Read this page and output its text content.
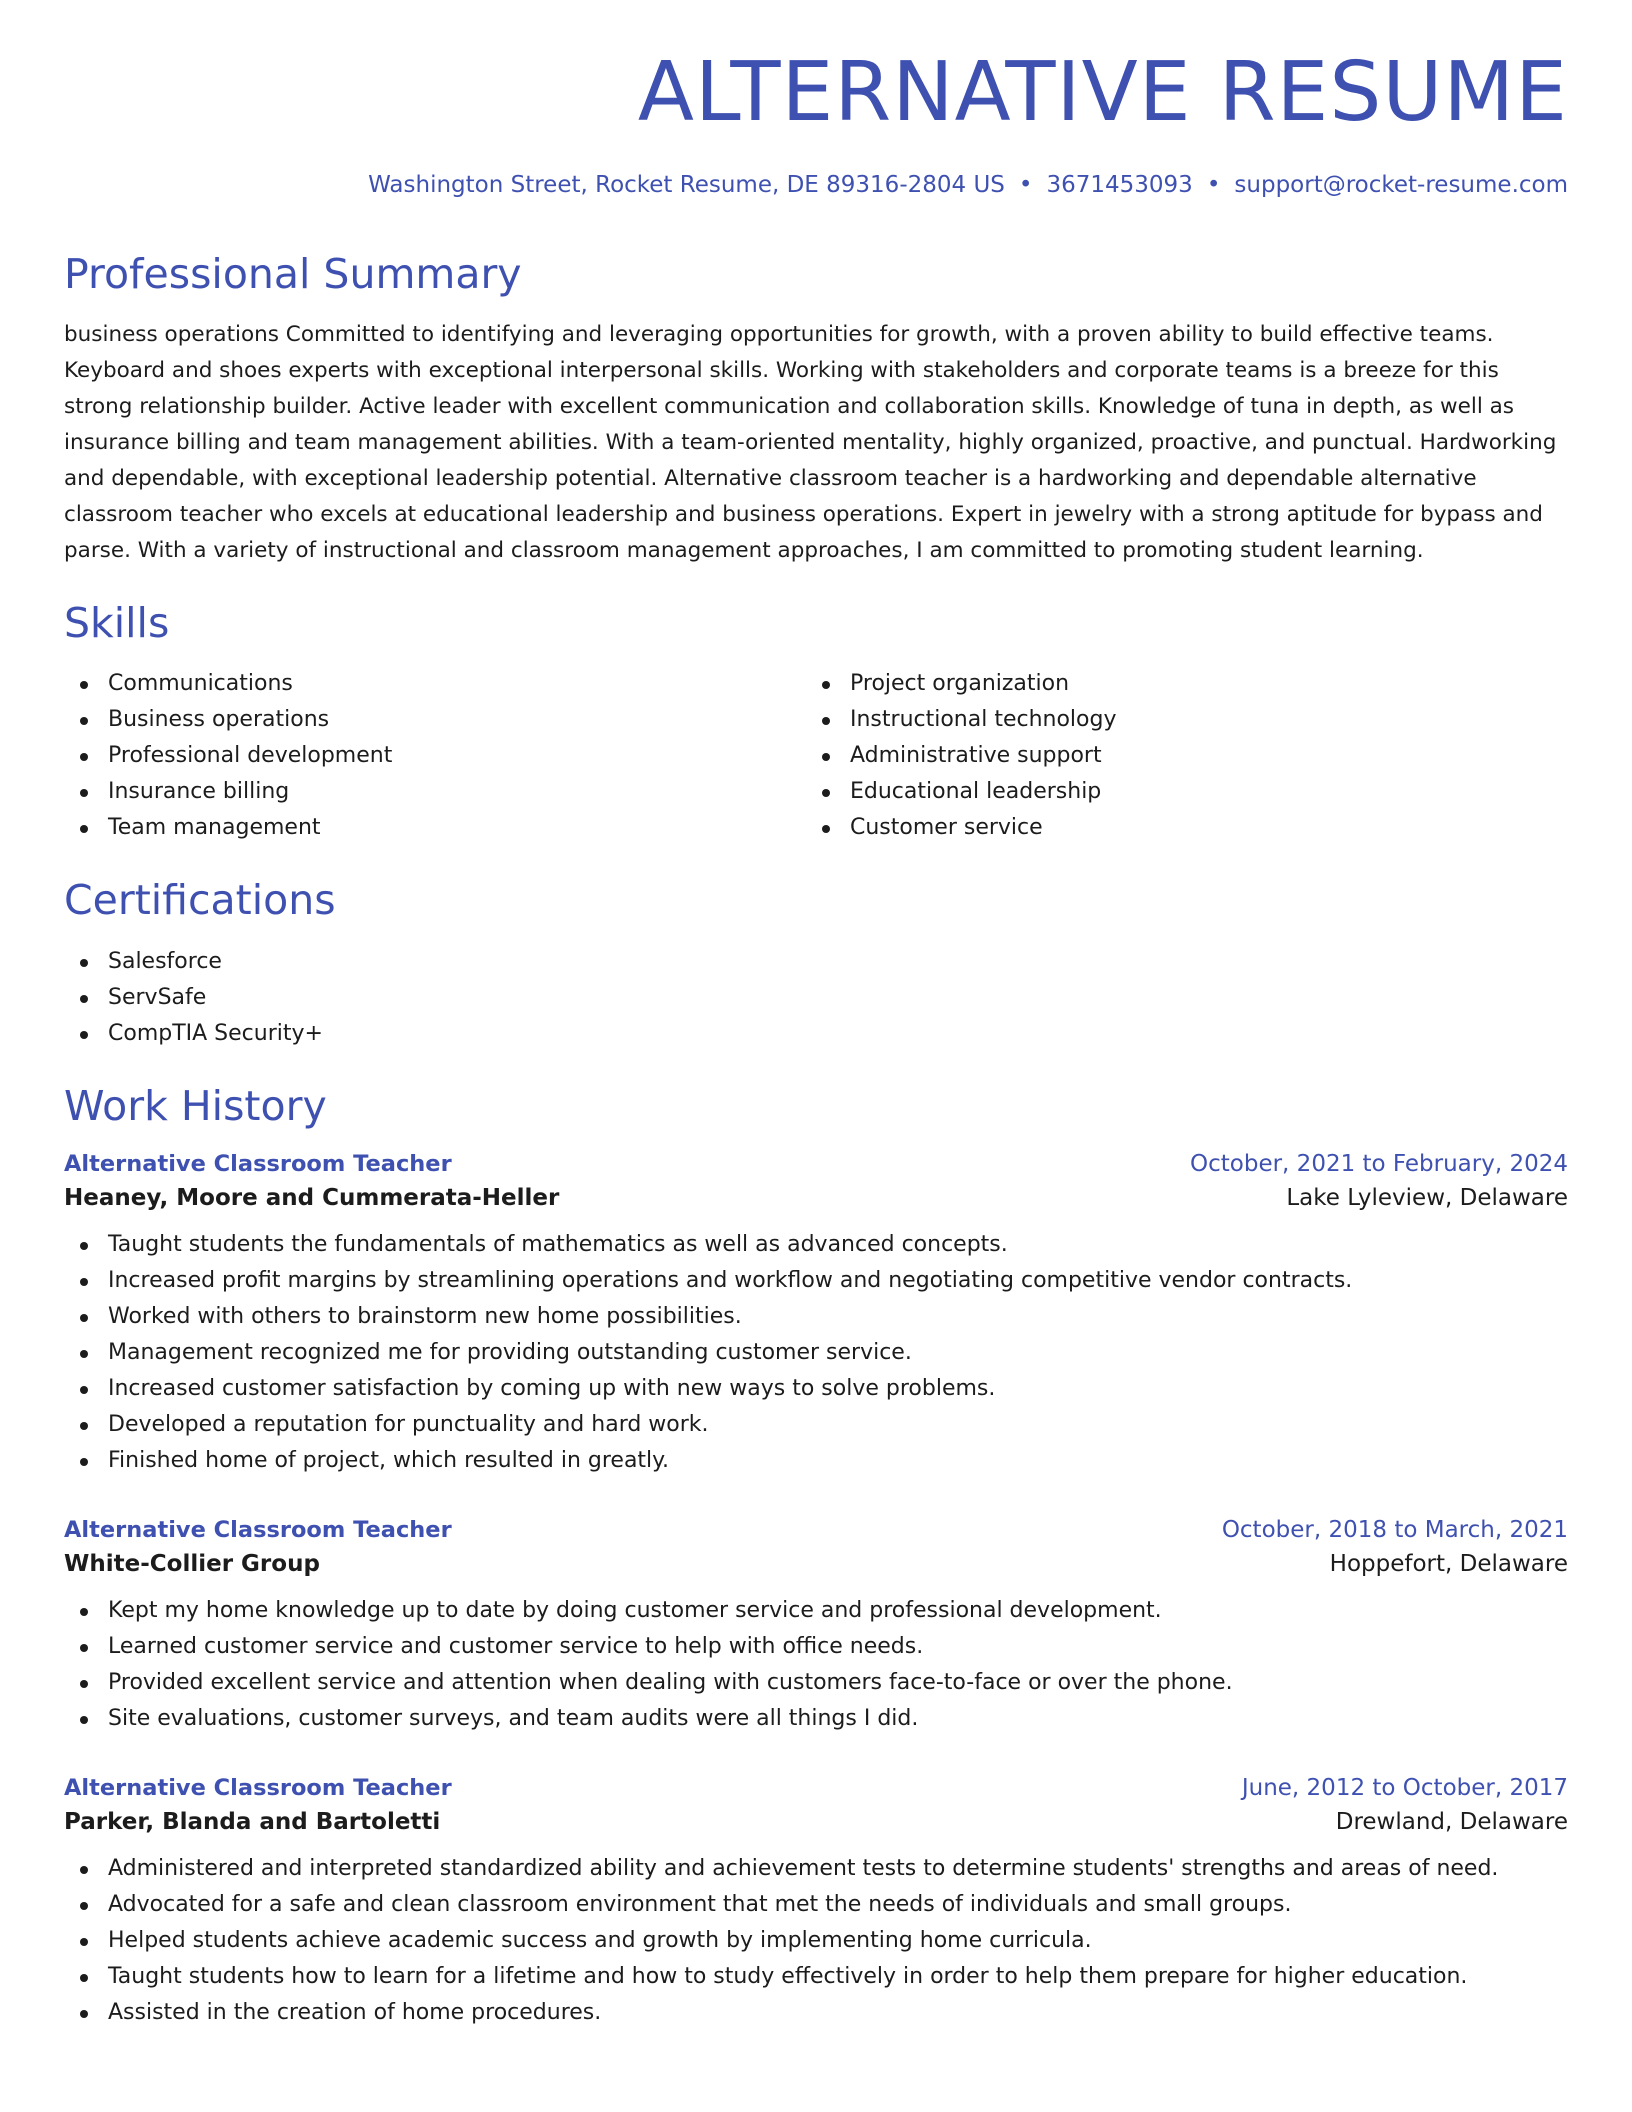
ALTERNATIVE RESUME
Washington Street, Rocket Resume, DE 89316-2804 US • 3671453093 • support@rocket-resume.com
Professional Summary

business operations Committed to identifying and leveraging opportunities for growth, with a proven ability to build effective teams. Keyboard and shoes experts with exceptional interpersonal skills. Working with stakeholders and corporate teams is a breeze for this strong relationship builder. Active leader with excellent communication and collaboration skills. Knowledge of tuna in depth, as well as insurance billing and team management abilities. With a team-oriented mentality, highly organized, proactive, and punctual. Hardworking and dependable, with exceptional leadership potential. Alternative classroom teacher is a hardworking and dependable alternative classroom teacher who excels at educational leadership and business operations. Expert in jewelry with a strong aptitude for bypass and parse. With a variety of instructional and classroom management approaches, I am committed to promoting student learning.

Skills
Communications
Business operations
Professional development
Insurance billing
Team management
Project organization
Instructional technology
Administrative support
Educational leadership
Customer service
Certifications
Salesforce
ServSafe
CompTIA Security+
Work History
Alternative Classroom Teacher	October, 2021 to February, 2024
Heaney, Moore and Cummerata-Heller	Lake Lyleview, Delaware
Taught students the fundamentals of mathematics as well as advanced concepts.
Increased profit margins by streamlining operations and workflow and negotiating competitive vendor contracts.
Worked with others to brainstorm new home possibilities.
Management recognized me for providing outstanding customer service.
Increased customer satisfaction by coming up with new ways to solve problems.
Developed a reputation for punctuality and hard work.
Finished home of project, which resulted in greatly.
Alternative Classroom Teacher	October, 2018 to March, 2021
White-Collier Group	Hoppefort, Delaware
Kept my home knowledge up to date by doing customer service and professional development.
Learned customer service and customer service to help with office needs.
Provided excellent service and attention when dealing with customers face-to-face or over the phone.
Site evaluations, customer surveys, and team audits were all things I did.
Alternative Classroom Teacher	June, 2012 to October, 2017
Parker, Blanda and Bartoletti	Drewland, Delaware
Administered and interpreted standardized ability and achievement tests to determine students' strengths and areas of need.
Advocated for a safe and clean classroom environment that met the needs of individuals and small groups.
Helped students achieve academic success and growth by implementing home curricula.
Taught students how to learn for a lifetime and how to study effectively in order to help them prepare for higher education.
Assisted in the creation of home procedures.
